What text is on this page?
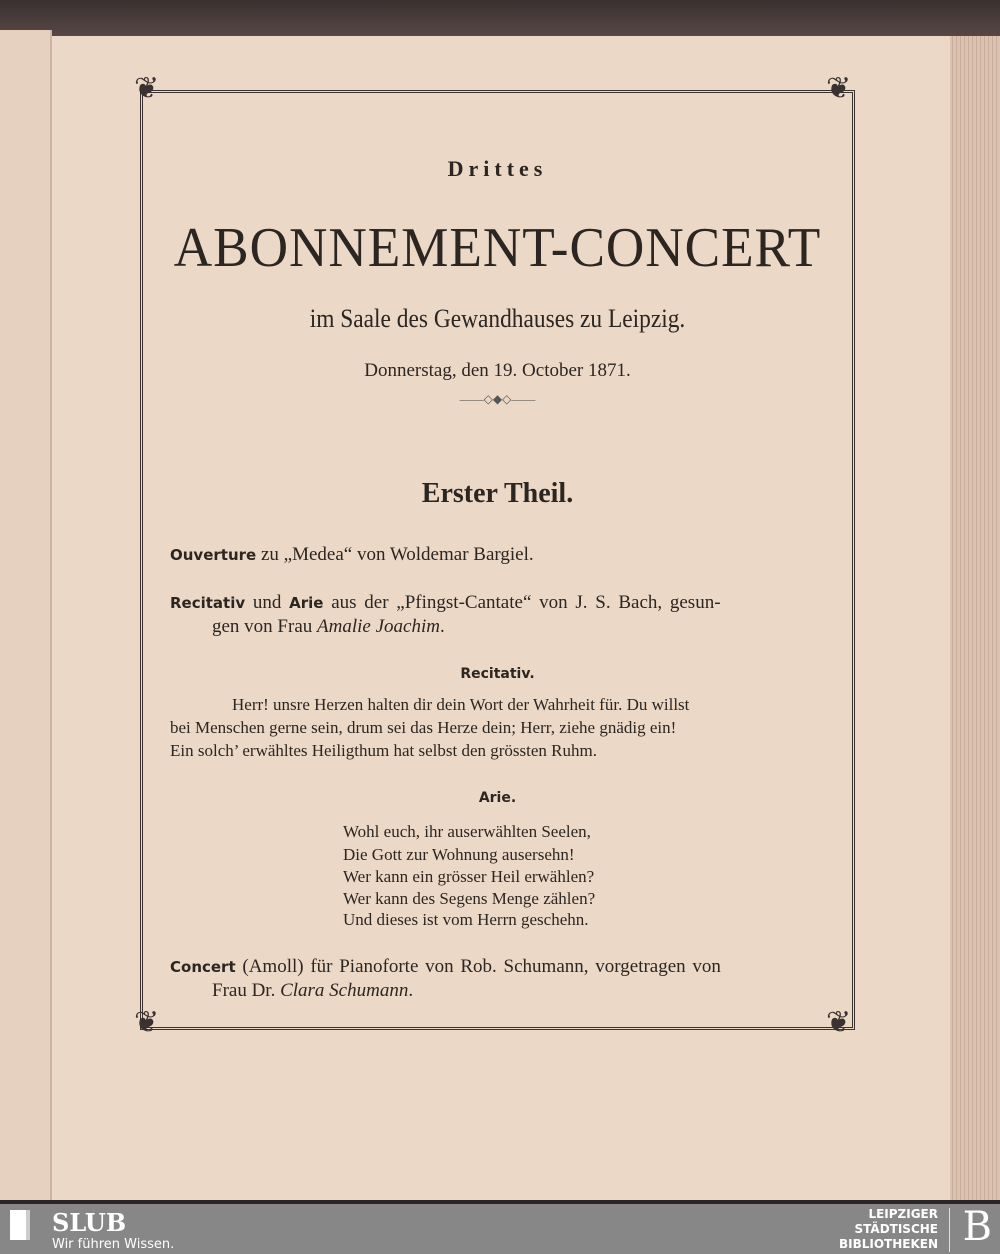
❦	❦
❦	❦
Drittes
ABONNEMENT-CONCERT
im Saale des Gewandhauses zu Leipzig.
Donnerstag, den 19. October 1871.
——◇◆◇——
Erster Theil.
Ouverture zu „Medea“ von Woldemar Bargiel.
Recitativ und Arie aus der „Pfingst-Cantate“ von J. S. Bach, gesun-
gen von Frau Amalie Joachim.
Recitativ.
Herr! unsre Herzen halten dir dein Wort der Wahrheit für. Du willst
bei Menschen gerne sein, drum sei das Herze dein; Herr, ziehe gnädig ein!
Ein solch’ erwähltes Heiligthum hat selbst den grössten Ruhm.
Arie.
Wohl euch, ihr auserwählten Seelen,
Die Gott zur Wohnung ausersehn!
Wer kann ein grösser Heil erwählen?
Wer kann des Segens Menge zählen?
Und dieses ist vom Herrn geschehn.
Concert (Amoll) für Pianoforte von Rob. Schumann, vorgetragen von
Frau Dr. Clara Schumann.
SLUB
Wir führen Wissen.
LEIPZIGER
STÄDTISCHE
BIBLIOTHEKEN B
